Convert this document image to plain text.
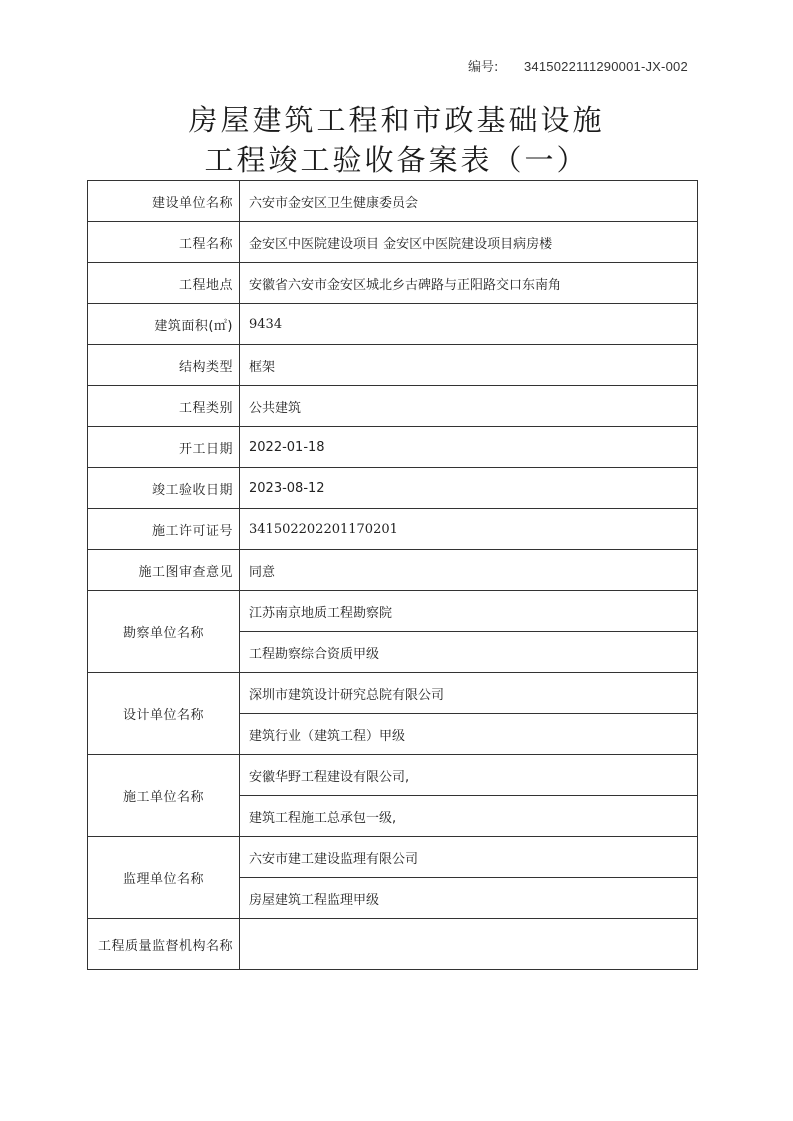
编号: 3415022111290001-JX-002
房屋建筑工程和市政基础设施
工程竣工验收备案表（一）
建设单位名称	六安市金安区卫生健康委员会
工程名称	金安区中医院建设项目 金安区中医院建设项目病房楼
工程地点	安徽省六安市金安区城北乡古碑路与正阳路交口东南角
建筑面积(㎡)	9434
结构类型	框架
工程类别	公共建筑
开工日期	2022-01-18
竣工验收日期	2023-08-12
施工许可证号	341502202201170201
施工图审查意见	同意
勘察单位名称	江苏南京地质工程勘察院
	工程勘察综合资质甲级
设计单位名称	深圳市建筑设计研究总院有限公司
	建筑行业（建筑工程）甲级
施工单位名称	安徽华野工程建设有限公司,
	建筑工程施工总承包一级,
监理单位名称	六安市建工建设监理有限公司
	房屋建筑工程监理甲级
工程质量监督机构名称	
